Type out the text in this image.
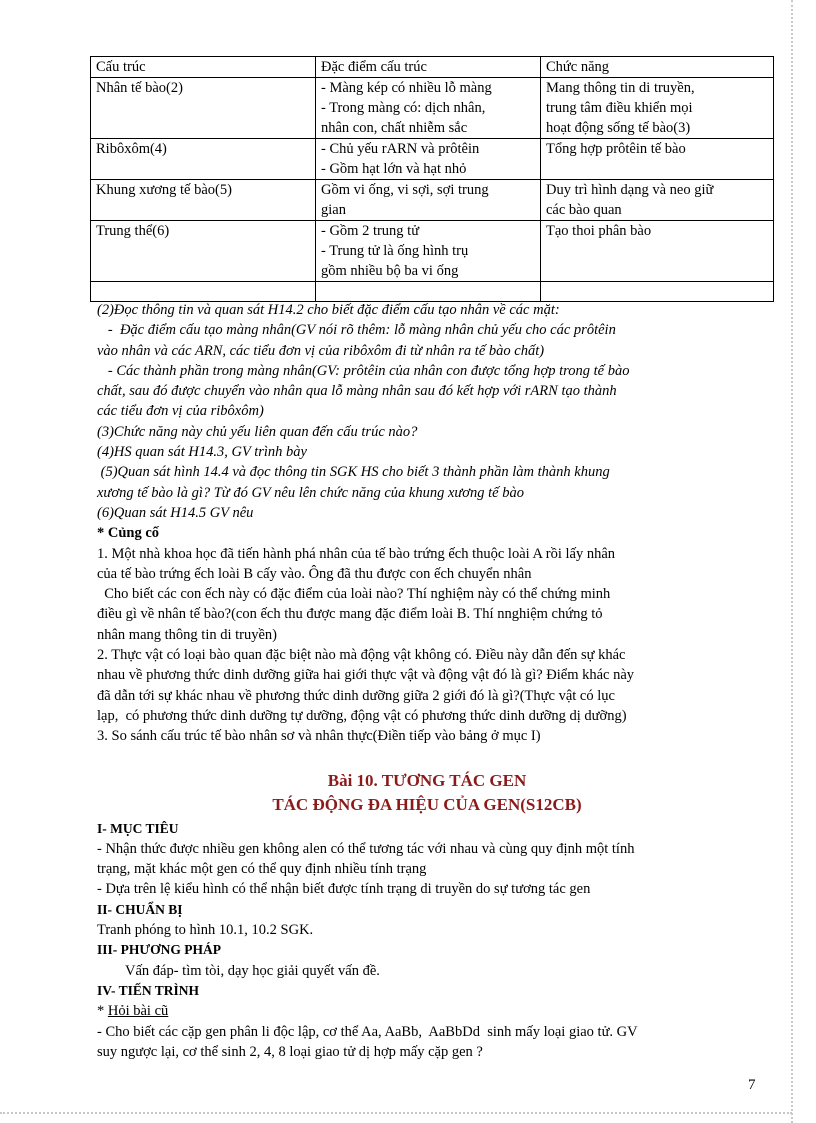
Cấu trúc	Đặc điểm cấu trúc	Chức năng

Nhân tế bào(2)	- Màng kép có nhiều lỗ màng
- Trong màng có: dịch nhân,
nhân con, chất nhiễm sắc	Mang thông tin di truyền,
trung tâm điều khiển mọi
hoạt động sống tế bào(3)

Ribôxôm(4)	- Chủ yếu rARN và prôtêin
- Gồm hạt lớn và hạt nhỏ	Tổng hợp prôtêin tế bào

Khung xương tế bào(5)	Gồm vi ống, vi sợi, sợi trung
gian	Duy trì hình dạng và neo giữ
các bào quan

Trung thể(6)	- Gồm 2 trung tử
- Trung tử là ống hình trụ
gồm nhiều bộ ba vi ống	Tạo thoi phân bào

(2)Đọc thông tin và quan sát H14.2 cho biết đặc điểm cấu tạo nhân về các mặt:
-  Đặc điểm cấu tạo màng nhân(GV nói rõ thêm: lỗ màng nhân chủ yếu cho các prôtêin
vào nhân và các ARN, các tiểu đơn vị của ribôxôm đi từ nhân ra tế bào chất)
- Các thành phần trong màng nhân(GV: prôtêin của nhân con được tổng hợp trong tế bào
chất, sau đó được chuyển vào nhân qua lỗ màng nhân sau đó kết hợp với rARN tạo thành
các tiểu đơn vị của ribôxôm)
(3)Chức năng này chủ yếu liên quan đến cấu trúc nào?
(4)HS quan sát H14.3, GV trình bày
(5)Quan sát hình 14.4 và đọc thông tin SGK HS cho biết 3 thành phần làm thành khung
xương tế bào là gì? Từ đó GV nêu lên chức năng của khung xương tế bào
(6)Quan sát H14.5 GV nêu
* Củng cố
1. Một nhà khoa học đã tiến hành phá nhân của tế bào trứng ếch thuộc loài A rồi lấy nhân
của tế bào trứng ếch loài B cấy vào. Ông đã thu được con ếch chuyển nhân
Cho biết các con ếch này có đặc điểm của loài nào? Thí nghiệm này có thể chứng minh
điều gì về nhân tế bào?(con ếch thu được mang đặc điểm loài B. Thí nnghiệm chứng tỏ
nhân mang thông tin di truyền)
2. Thực vật có loại bào quan đặc biệt nào mà động vật không có. Điều này dẫn đến sự khác
nhau về phương thức dinh dưỡng giữa hai giới thực vật và động vật đó là gì? Điểm khác này
đã dẫn tới sự khác nhau về phương thức dinh dưỡng giữa 2 giới đó là gì?(Thực vật có lục
lạp,  có phương thức dinh dưỡng tự dưỡng, động vật có phương thức dinh dưỡng dị dưỡng)
3. So sánh cấu trúc tế bào nhân sơ và nhân thực(Điền tiếp vào bảng ở mục I)
Bài 10. TƯƠNG TÁC GEN
TÁC ĐỘNG ĐA HIỆU CỦA GEN(S12CB)
I- MỤC TIÊU
- Nhận thức được nhiều gen không alen có thể tương tác với nhau và cùng quy định một tính
trạng, mặt khác một gen có thể quy định nhiều tính trạng
- Dựa trên lệ kiểu hình có thể nhận biết được tính trạng di truyền do sự tương tác gen
II- CHUẨN BỊ
Tranh phóng to hình 10.1, 10.2 SGK.
III- PHƯƠNG PHÁP
Vấn đáp- tìm tòi, dạy học giải quyết vấn đề.
IV- TIẾN TRÌNH
* Hỏi bài cũ
- Cho biết các cặp gen phân li độc lập, cơ thể Aa, AaBb,  AaBbDd  sinh mấy loại giao tử. GV
suy ngược lại, cơ thể sinh 2, 4, 8 loại giao tử dị hợp mấy cặp gen ?
7
